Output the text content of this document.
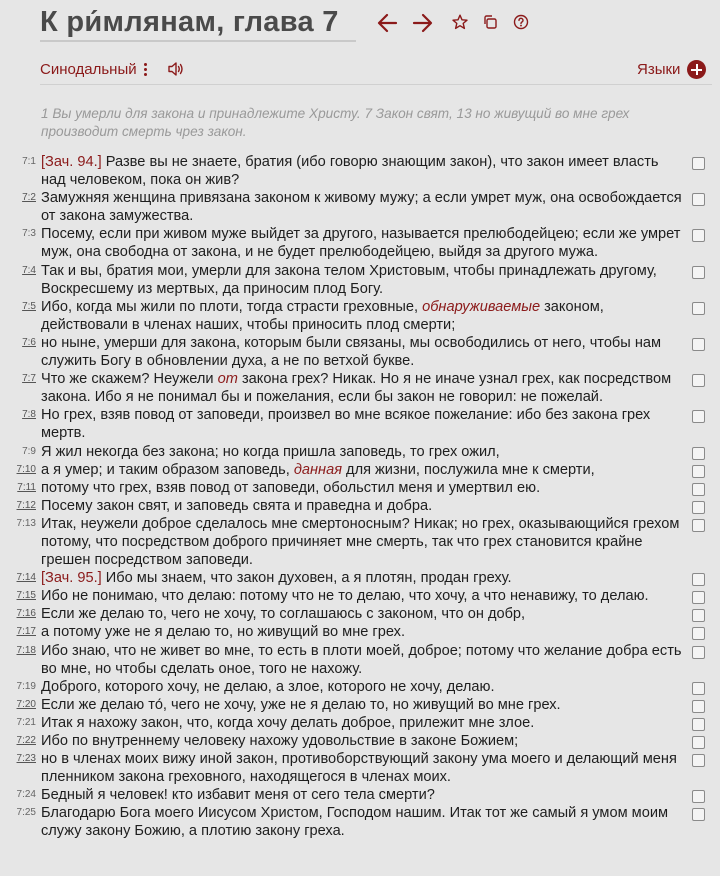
К ри́млянам, глава 7
Синодальный	Языки
1 Вы умерли для закона и принадлежите Христу. 7 Закон свят, 13 но живущий во мне грех производит смерть чрез закон.
7:1 [Зач. 94.] Разве вы не знаете, братия (ибо говорю знающим закон), что закон имеет власть над человеком, пока он жив?
7:2 Замужняя женщина привязана законом к живому мужу; а если умрет муж, она освобождается от закона замужества.
7:3 Посему, если при живом муже выйдет за другого, называется прелюбодейцею; если же умрет муж, она свободна от закона, и не будет прелюбодейцею, выйдя за другого мужа.
7:4 Так и вы, братия мои, умерли для закона телом Христовым, чтобы принадлежать другому, Воскресшему из мертвых, да приносим плод Богу.
7:5 Ибо, когда мы жили по плоти, тогда страсти греховные, обнаруживаемые законом, действовали в членах наших, чтобы приносить плод смерти;
7:6 но ныне, умерши для закона, которым были связаны, мы освободились от него, чтобы нам служить Богу в обновлении духа, а не по ветхой букве.
7:7 Что же скажем? Неужели от закона грех? Никак. Но я не иначе узнал грех, как посредством закона. Ибо я не понимал бы и пожелания, если бы закон не говорил: не пожелай.
7:8 Но грех, взяв повод от заповеди, произвел во мне всякое пожелание: ибо без закона грех мертв.
7:9 Я жил некогда без закона; но когда пришла заповедь, то грех ожил,
7:10 а я умер; и таким образом заповедь, данная для жизни, послужила мне к смерти,
7:11 потому что грех, взяв повод от заповеди, обольстил меня и умертвил ею.
7:12 Посему закон свят, и заповедь свята и праведна и добра.
7:13 Итак, неужели доброе сделалось мне смертоносным? Никак; но грех, оказывающийся грехом потому, что посредством доброго причиняет мне смерть, так что грех становится крайне грешен посредством заповеди.
7:14 [Зач. 95.] Ибо мы знаем, что закон духовен, а я плотян, продан греху.
7:15 Ибо не понимаю, что делаю: потому что не то делаю, что хочу, а что ненавижу, то делаю.
7:16 Если же делаю то, чего не хочу, то соглашаюсь с законом, что он добр,
7:17 а потому уже не я делаю то, но живущий во мне грех.
7:18 Ибо знаю, что не живет во мне, то есть в плоти моей, доброе; потому что желание добра есть во мне, но чтобы сделать оное, того не нахожу.
7:19 Доброго, которого хочу, не делаю, а злое, которого не хочу, делаю.
7:20 Если же делаю то́, чего не хочу, уже не я делаю то, но живущий во мне грех.
7:21 Итак я нахожу закон, что, когда хочу делать доброе, прилежит мне злое.
7:22 Ибо по внутреннему человеку нахожу удовольствие в законе Божием;
7:23 но в членах моих вижу иной закон, противоборствующий закону ума моего и делающий меня пленником закона греховного, находящегося в членах моих.
7:24 Бедный я человек! кто избавит меня от сего тела смерти?
7:25 Благодарю Бога моего Иисусом Христом, Господом нашим. Итак тот же самый я умом моим служу закону Божию, а плотию закону греха.
